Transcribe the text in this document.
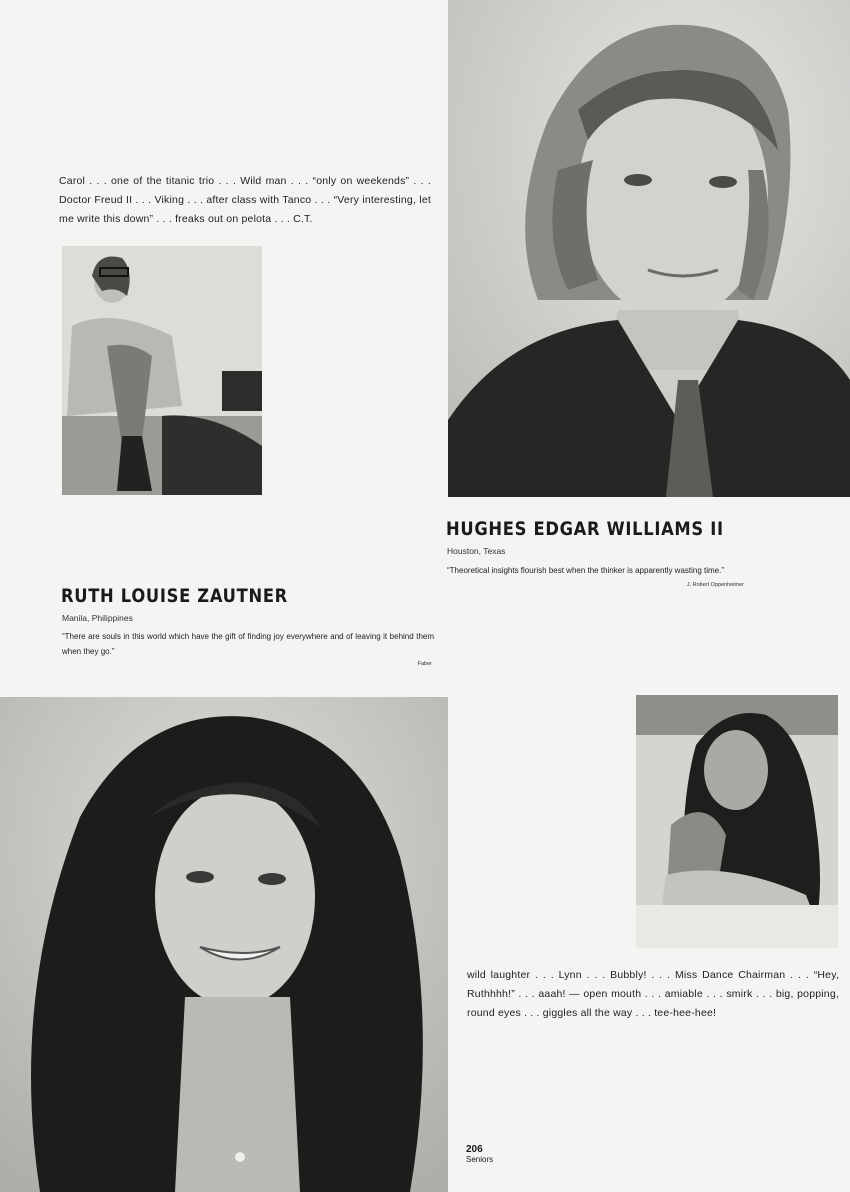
Carol . . . one of the titanic trio . . . Wild man . . . “only on weekends” . . . Doctor Freud II . . . Viking . . . after class with Tanco . . . “Very interesting, let me write this down” . . . freaks out on pelota . . . C.T.
HUGHES EDGAR WILLIAMS II
Houston, Texas
“Theoretical insights flourish best when the thinker is apparently wasting time.”
J. Robert Oppenheimer
RUTH LOUISE ZAUTNER
Manila, Philippines
“There are souls in this world which have the gift of finding joy everywhere and of leaving it behind them when they go.”
Faber
wild laughter . . . Lynn . . . Bubbly! . . . Miss Dance Chairman . . . “Hey, Ruthhhh!” . . . aaah! — open mouth . . . amiable . . . smirk . . . big, popping, round eyes . . . giggles all the way . . . tee-hee-hee!
206
Seniors
